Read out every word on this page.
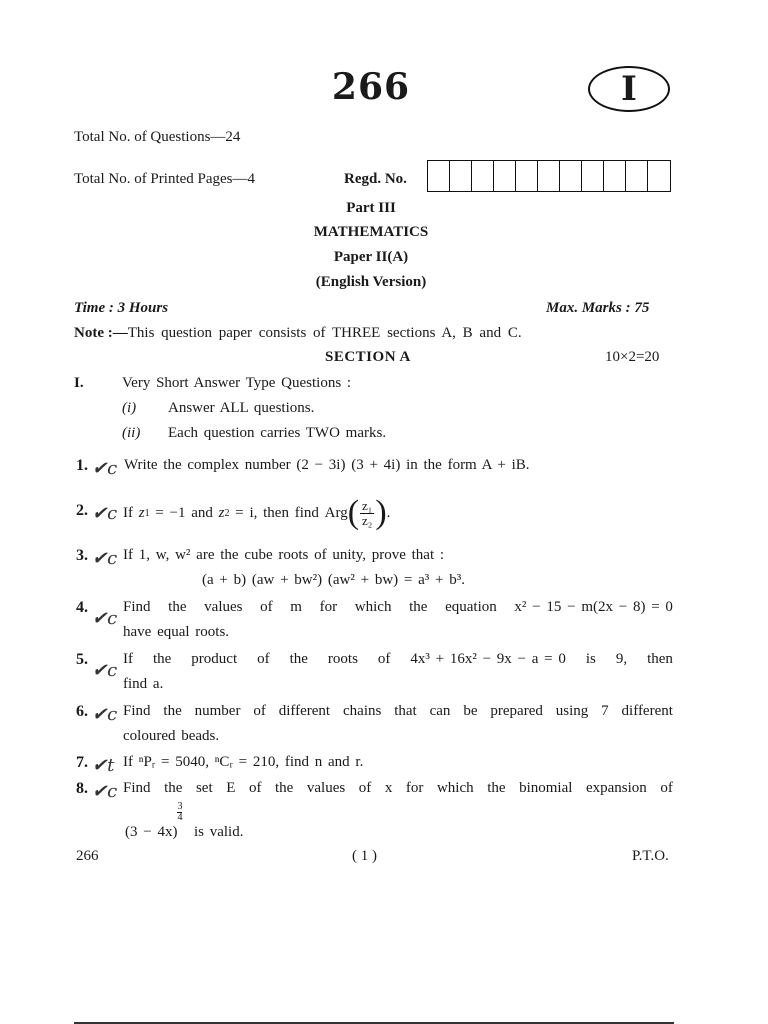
266	I
Total No. of Questions—24
Total No. of Printed Pages—4	Regd. No.
Part III
MATHEMATICS
Paper II(A)
(English Version)
Time : 3 Hours	Max. Marks : 75
Note :—This question paper consists of THREE sections A, B and C.
SECTION A	10×2=20
I.	Very Short Answer Type Questions :
(i) Answer ALL questions.
(ii) Each question carries TWO marks.
1. ✔c Write the complex number (2 − 3i) (3 + 4i) in the form A + iB.
2. ✔c If
z 1
= −1 and
z 2
= i, then find
Arg ( $\frac{\text{z₁}}{\text{z₂}}$ ) .
3. ✔c If 1, w, w² are the cube roots of unity, prove that :
(a + b) (aw + bw²) (aw² + bw) = a³ + b³.
4.
✔c
Find the values of m for which the equation x² − 15 − m(2x − 8) = 0
have equal roots.
5.
✔c
If the product of the roots of 4x³ + 16x² − 9x − a = 0 is 9, then
find a.
6. ✔c Find the number of different chains that can be prepared using 7 different
coloured beads.
7. ✔t If ⁿPᵣ = 5040, ⁿCᵣ = 210, find n and r.
8. ✔c Find the set E of the values of x for which the binomial expansion of
(3 − 4x)
$\frac{3}{4}$  is valid.
266	( 1 )	P.T.O.
